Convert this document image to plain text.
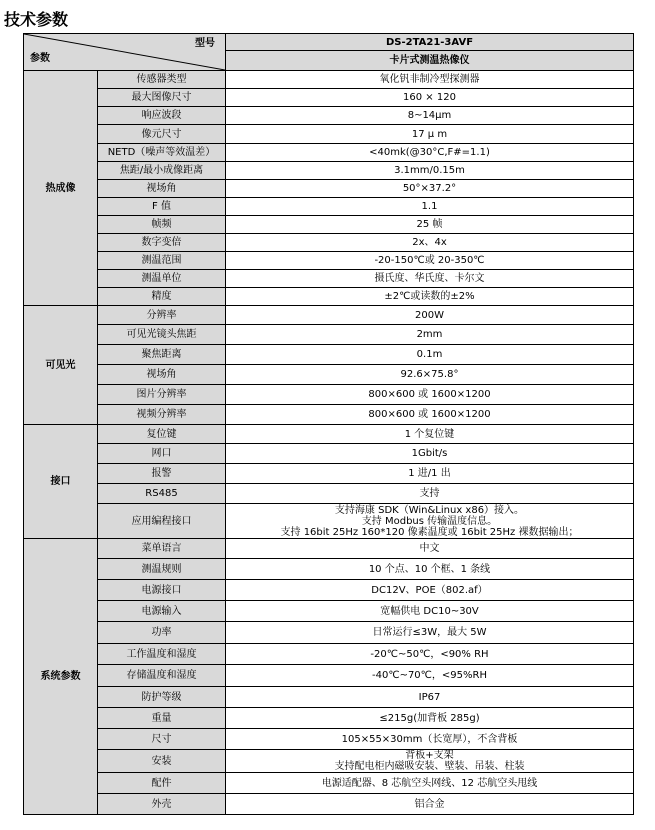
技术参数
型号
参数		DS-2TA21-3AVF
		卡片式测温热像仪
热成像	传感器类型	氧化钒非制冷型探测器
	最大图像尺寸	160 × 120
	响应波段	8~14μm
	像元尺寸	17 μ m
	NETD（噪声等效温差）	<40mk(@30°C,F#=1.1)
	焦距/最小成像距离	3.1mm/0.15m
	视场角	50°×37.2°
	F 值	1.1
	帧频	25 帧
	数字变倍	2x、4x
	测温范围	-20-150℃或 20-350℃
	测温单位	摄氏度、华氏度、卡尔文
	精度	±2℃或读数的±2%
可见光	分辨率	200W
	可见光镜头焦距	2mm
	聚焦距离	0.1m
	视场角	92.6×75.8°
	图片分辨率	800×600 或 1600×1200
	视频分辨率	800×600 或 1600×1200
接口	复位键	1 个复位键
	网口	1Gbit/s
	报警	1 进/1 出
	RS485	支持
	应用编程接口	支持海康 SDK（Win&Linux x86）接入。
支持 Modbus 传输温度信息。
支持 16bit 25Hz 160*120 像素温度或 16bit 25Hz 裸数据输出；

系统参数	菜单语言	中文
	测温规则	10 个点、10 个框、1 条线
	电源接口	DC12V、POE（802.af）
	电源输入	宽幅供电 DC10~30V
	功率	日常运行≤3W，最大 5W
	工作温度和湿度	-20℃~50℃，<90% RH
	存储温度和湿度	-40℃~70℃，<95%RH
	防护等级	IP67
	重量	≤215g(加背板 285g)
	尺寸	105×55×30mm（长宽厚），不含背板
	安装	背板+支架
支持配电柜内磁吸安装、壁装、吊装、柱装

	配件	电源适配器、8 芯航空头网线、12 芯航空头甩线
	外壳	铝合金
